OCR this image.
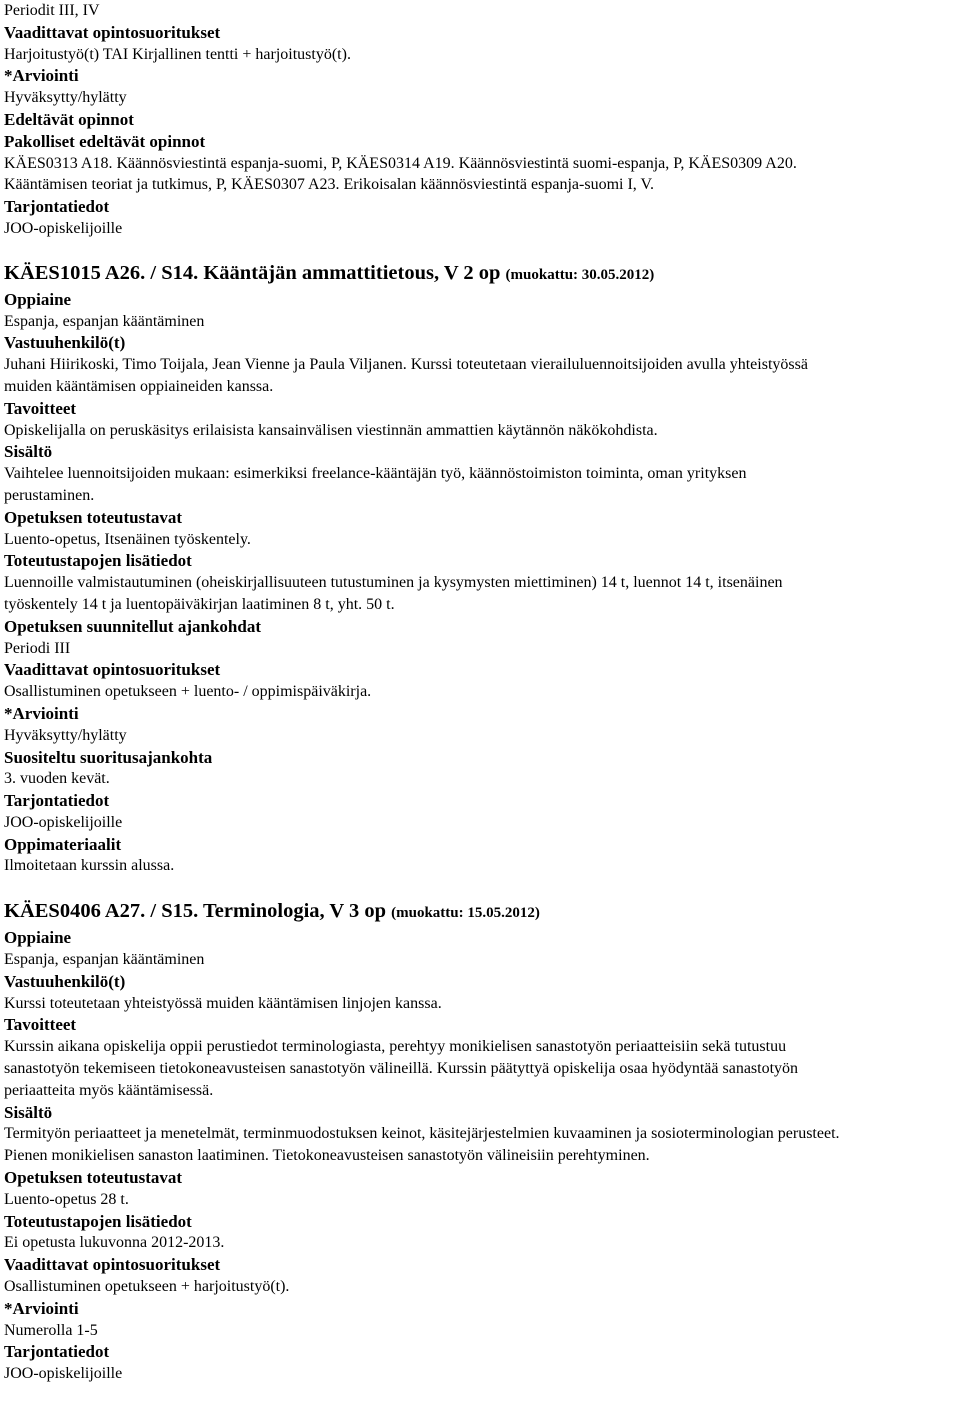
Periodit III, IV
Vaadittavat opintosuoritukset
Harjoitustyö(t) TAI Kirjallinen tentti + harjoitustyö(t).
*Arviointi
Hyväksytty/hylätty
Edeltävät opinnot
Pakolliset edeltävät opinnot
KÄES0313 A18. Käännösviestintä espanja-suomi, P, KÄES0314 A19. Käännösviestintä suomi-espanja, P, KÄES0309 A20.
Kääntämisen teoriat ja tutkimus, P, KÄES0307 A23. Erikoisalan käännösviestintä espanja-suomi I, V.
Tarjontatiedot
JOO-opiskelijoille
KÄES1015 A26. / S14. Kääntäjän ammattitietous, V 2 op (muokattu: 30.05.2012)
Oppiaine
Espanja, espanjan kääntäminen
Vastuuhenkilö(t)
Juhani Hiirikoski, Timo Toijala, Jean Vienne ja Paula Viljanen. Kurssi toteutetaan vierailuluennoitsijoiden avulla yhteistyössä
muiden kääntämisen oppiaineiden kanssa.
Tavoitteet
Opiskelijalla on peruskäsitys erilaisista kansainvälisen viestinnän ammattien käytännön näkökohdista.
Sisältö
Vaihtelee luennoitsijoiden mukaan: esimerkiksi freelance-kääntäjän työ, käännöstoimiston toiminta, oman yrityksen
perustaminen.
Opetuksen toteutustavat
Luento-opetus, Itsenäinen työskentely.
Toteutustapojen lisätiedot
Luennoille valmistautuminen (oheiskirjallisuuteen tutustuminen ja kysymysten miettiminen) 14 t, luennot 14 t, itsenäinen
työskentely 14 t ja luentopäiväkirjan laatiminen 8 t, yht. 50 t.
Opetuksen suunnitellut ajankohdat
Periodi III
Vaadittavat opintosuoritukset
Osallistuminen opetukseen + luento- / oppimispäiväkirja.
*Arviointi
Hyväksytty/hylätty
Suositeltu suoritusajankohta
3. vuoden kevät.
Tarjontatiedot
JOO-opiskelijoille
Oppimateriaalit
Ilmoitetaan kurssin alussa.
KÄES0406 A27. / S15. Terminologia, V 3 op (muokattu: 15.05.2012)
Oppiaine
Espanja, espanjan kääntäminen
Vastuuhenkilö(t)
Kurssi toteutetaan yhteistyössä muiden kääntämisen linjojen kanssa.
Tavoitteet
Kurssin aikana opiskelija oppii perustiedot terminologiasta, perehtyy monikielisen sanastotyön periaatteisiin sekä tutustuu
sanastotyön tekemiseen tietokoneavusteisen sanastotyön välineillä. Kurssin päätyttyä opiskelija osaa hyödyntää sanastotyön
periaatteita myös kääntämisessä.
Sisältö
Termityön periaatteet ja menetelmät, terminmuodostuksen keinot, käsitejärjestelmien kuvaaminen ja sosioterminologian perusteet.
Pienen monikielisen sanaston laatiminen. Tietokoneavusteisen sanastotyön välineisiin perehtyminen.
Opetuksen toteutustavat
Luento-opetus 28 t.
Toteutustapojen lisätiedot
Ei opetusta lukuvonna 2012-2013.
Vaadittavat opintosuoritukset
Osallistuminen opetukseen + harjoitustyö(t).
*Arviointi
Numerolla 1-5
Tarjontatiedot
JOO-opiskelijoille
